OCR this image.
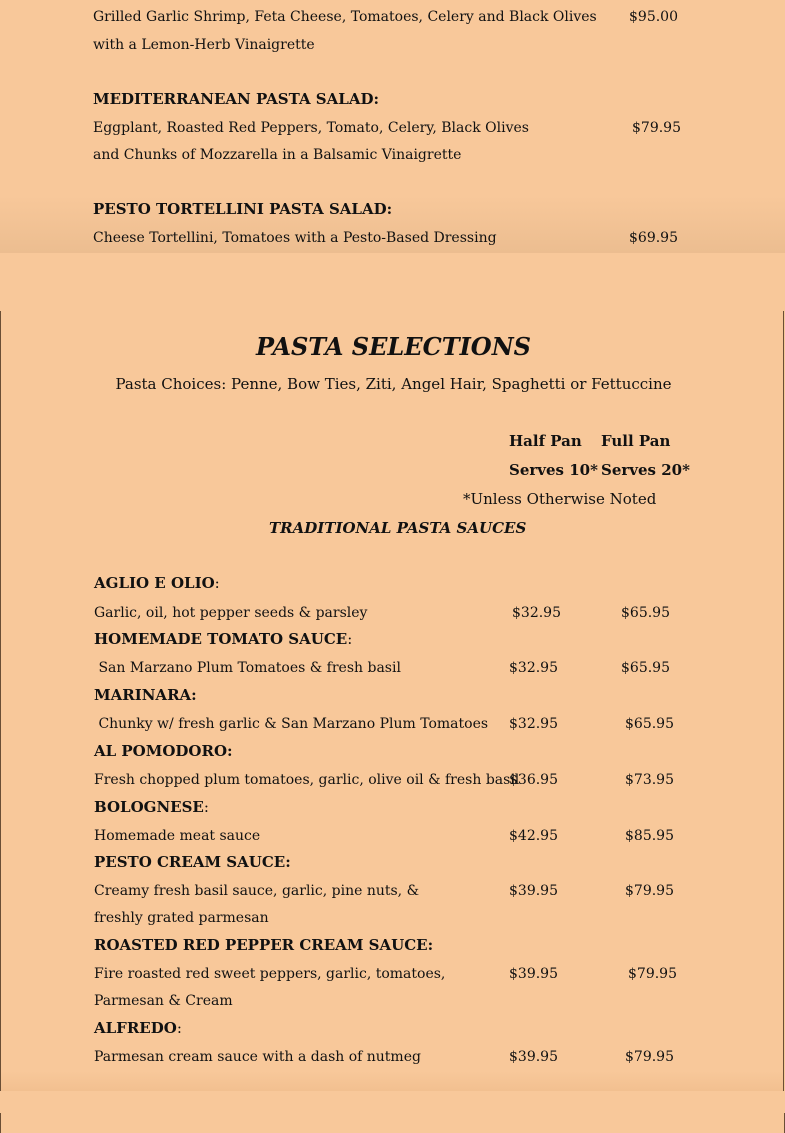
Grilled Garlic Shrimp, Feta Cheese, Tomatoes, Celery and Black Olives $95.00
with a Lemon-Herb Vinaigrette
MEDITERRANEAN PASTA SALAD:
Eggplant, Roasted Red Peppers, Tomato, Celery, Black Olives	$79.95
and Chunks of Mozzarella in a Balsamic Vinaigrette
PESTO TORTELLINI PASTA SALAD:
Cheese Tortellini, Tomatoes with a Pesto-Based Dressing	$69.95
PASTA SELECTIONS
Pasta Choices: Penne, Bow Ties, Ziti, Angel Hair, Spaghetti or Fettuccine
Half Pan Full Pan
Serves 10* Serves 20*
*Unless Otherwise Noted
TRADITIONAL PASTA SAUCES
AGLIO E OLIO:
Garlic, oil, hot pepper seeds & parsley	$32.95	$65.95
HOMEMADE TOMATO SAUCE:
San Marzano Plum Tomatoes & fresh basil	$32.95	$65.95
MARINARA:
Chunky w/ fresh garlic & San Marzano Plum Tomatoes $32.95	$65.95
AL POMODORO:
Fresh chopped plum tomatoes, garlic, olive oil & fresh basil
$36.95	$73.95
BOLOGNESE:
Homemade meat sauce	$42.95	$85.95
PESTO CREAM SAUCE:
Creamy fresh basil sauce, garlic, pine nuts, &	$39.95	$79.95
freshly grated parmesan
ROASTED RED PEPPER CREAM SAUCE:
Fire roasted red sweet peppers, garlic, tomatoes,	$39.95	$79.95
Parmesan & Cream
ALFREDO:
Parmesan cream sauce with a dash of nutmeg	$39.95	$79.95
